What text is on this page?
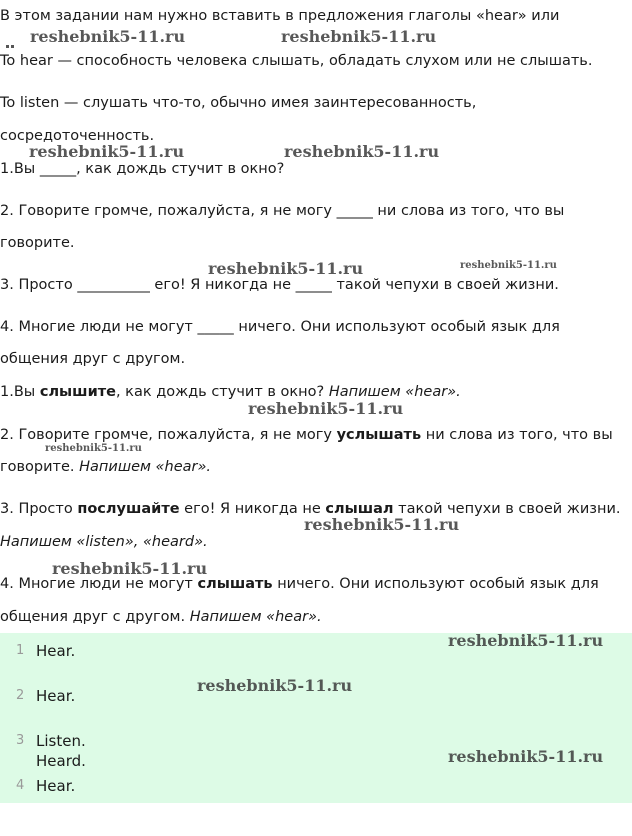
В этом задании нам нужно вставить в предложения глаголы «hear» или
To hear — способность человека слышать, обладать слухом или не слышать.
To listen — слушать что-то, обычно имея заинтересованность,
сосредоточенность.
1.Вы _____, как дождь стучит в окно?
2. Говорите громче, пожалуйста, я не могу _____ ни слова из того, что вы
говорите.
3. Просто __________ его! Я никогда не _____ такой чепухи в своей жизни.
4. Многие люди не могут _____ ничего. Они используют особый язык для
общения друг с другом.
1.Вы слышите, как дождь стучит в окно? Напишем «hear».
2. Говорите громче, пожалуйста, я не могу услышать ни слова из того, что вы
говорите. Напишем «hear».
3. Просто послушайте его! Я никогда не слышал такой чепухи в своей жизни.
Напишем «listen», «heard».
4. Многие люди не могут слышать ничего. Они используют особый язык для
общения друг с другом. Напишем «hear».
1 Hear.
2 Hear.
3 Listen. Heard.
4 Hear.
reshebnik5-11.ru	reshebnik5-11.ru
reshebnik5-11.ru	reshebnik5-11.ru
reshebnik5-11.ru	reshebnik5-11.ru
reshebnik5-11.ru
reshebnik5-11.ru
reshebnik5-11.ru
reshebnik5-11.ru
reshebnik5-11.ru
reshebnik5-11.ru
reshebnik5-11.ru
